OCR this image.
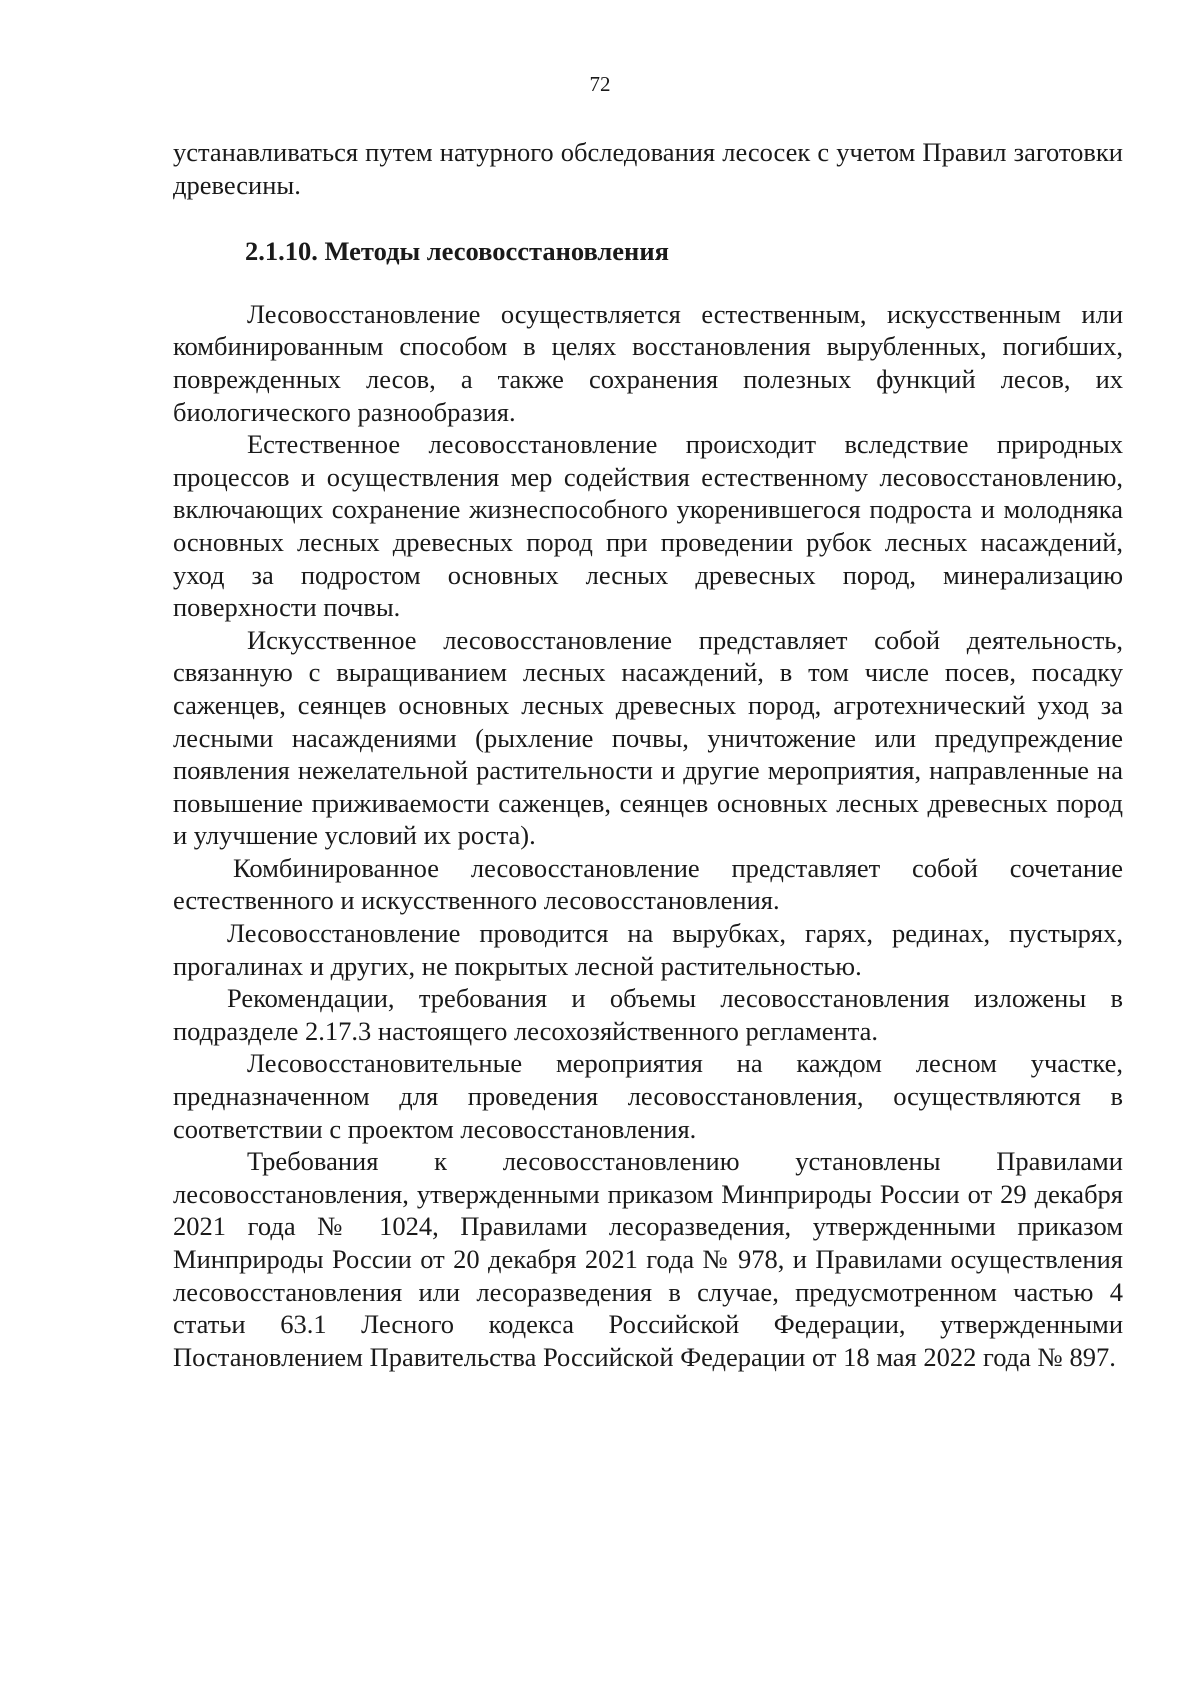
72

устанавливаться путем натурного обследования лесосек с учетом Правил заготовки древесины.

2.1.10. Методы лесовосстановления

Лесовосстановление осуществляется естественным, искусственным или комбинированным способом в целях восстановления вырубленных, погибших, поврежденных лесов, а также сохранения полезных функций лесов, их биологического разнообразия.

Естественное лесовосстановление происходит вследствие природных процессов и осуществления мер содействия естественному лесовосстановлению, включающих сохранение жизнеспособного укоренившегося подроста и молодняка основных лесных древесных пород при проведении рубок лесных насаждений, уход за подростом основных лесных древесных пород, минерализацию поверхности почвы.

Искусственное лесовосстановление представляет собой деятельность, связанную с выращиванием лесных насаждений, в том числе посев, посадку саженцев, сеянцев основных лесных древесных пород, агротехнический уход за лесными насаждениями (рыхление почвы, уничтожение или предупреждение появления нежелательной растительности и другие мероприятия, направленные на повышение приживаемости саженцев, сеянцев основных лесных древесных пород и улучшение условий их роста).

Комбинированное лесовосстановление представляет собой сочетание естественного и искусственного лесовосстановления.

Лесовосстановление проводится на вырубках, гарях, рединах, пустырях, прогалинах и других, не покрытых лесной растительностью.

Рекомендации, требования и объемы лесовосстановления изложены в подразделе 2.17.3 настоящего лесохозяйственного регламента.

Лесовосстановительные мероприятия на каждом лесном участке, предназначенном для проведения лесовосстановления, осуществляются в соответствии с проектом лесовосстановления.

Требования к лесовосстановлению установлены Правилами лесовосстановления, утвержденными приказом Минприроды России от 29 декабря 2021 года № 1024, Правилами лесоразведения, утвержденными приказом Минприроды России от 20 декабря 2021 года № 978, и Правилами осуществления лесовосстановления или лесоразведения в случае, предусмотренном частью 4 статьи 63.1 Лесного кодекса Российской Федерации, утвержденными Постановлением Правительства Российской Федерации от 18 мая 2022 года № 897.
